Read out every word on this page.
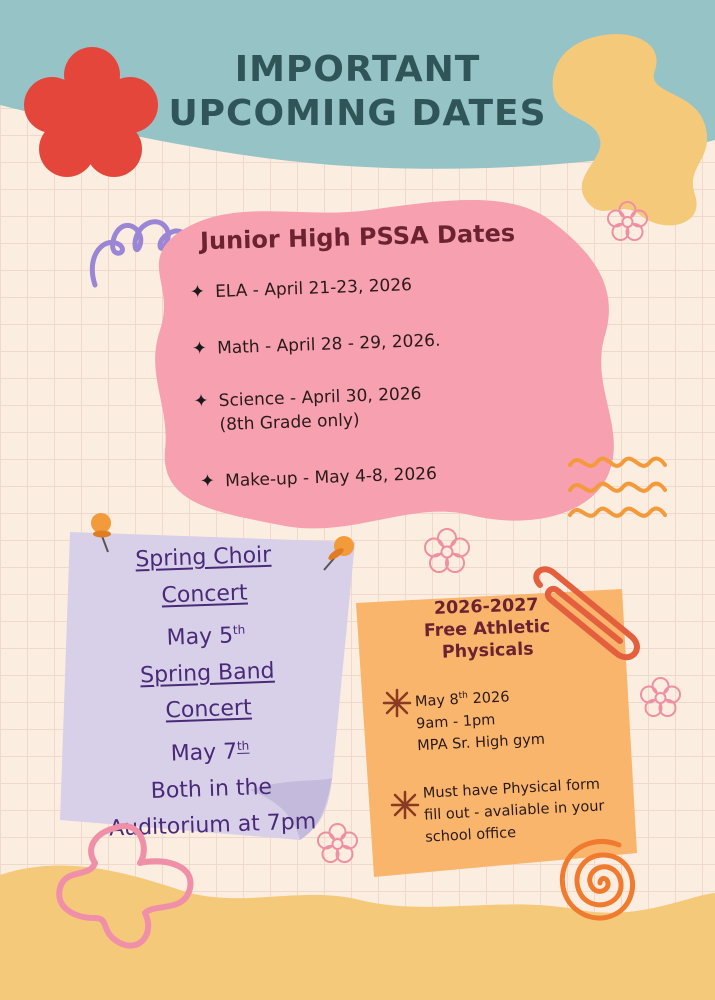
IMPORTANT
UPCOMING DATES
Junior High PSSA Dates
✦ ELA - April 21-23, 2026
✦ Math - April 28 - 29, 2026.
✦ Science - April 30, 2026
(8th Grade only)
✦ Make-up - May 4-8, 2026
Spring Choir
Concert
May 5th
Spring Band
Concert
May 7th
Both in the
Auditorium at 7pm
2026-2027
Free Athletic
Physicals
May 8th 2026
9am - 1pm
MPA Sr. High gym
Must have Physical form
fill out - avaliable in your
school office
